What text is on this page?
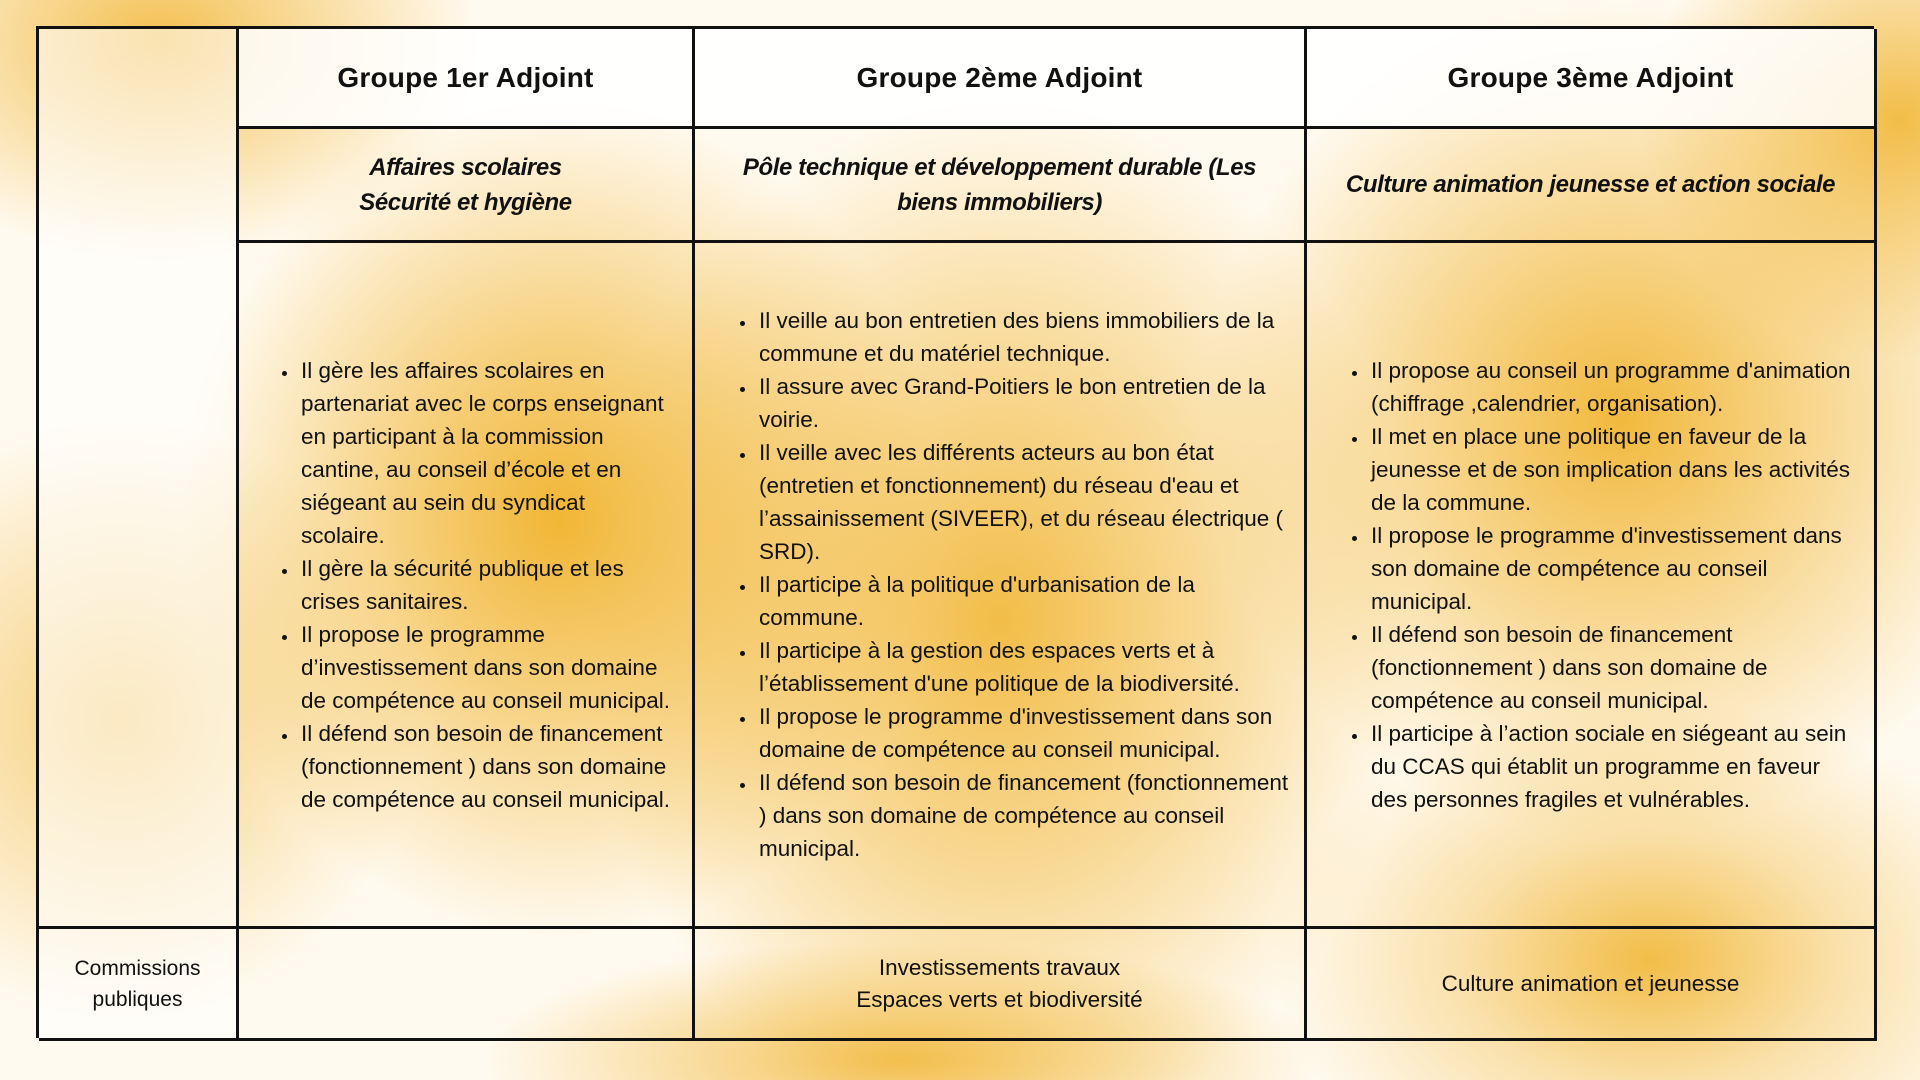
Groupe 1er Adjoint	Groupe 2ème Adjoint	Groupe 3ème Adjoint
Affaires scolaires
Sécurité et hygiène
Pôle technique et développement durable (Les biens immobiliers)
Culture animation jeunesse et action sociale
• Il gère les affaires scolaires en partenariat avec le corps enseignant en participant à la commission cantine, au conseil d’école et en siégeant au sein du syndicat scolaire.
• Il gère la sécurité publique et les crises sanitaires.
• Il propose le programme d’investissement dans son domaine de compétence au conseil municipal.
• Il défend son besoin de financement (fonctionnement ) dans son domaine de compétence au conseil municipal.
• Il veille au bon entretien des biens immobiliers de la commune et du matériel technique.
• Il assure avec Grand-Poitiers le bon entretien de la voirie.
• Il veille avec les différents acteurs au bon état (entretien et fonctionnement) du réseau d'eau et l’assainissement (SIVEER), et du réseau électrique ( SRD).
• Il participe à la politique d'urbanisation de la commune.
• Il participe à la gestion des espaces verts et à l’établissement d'une politique de la biodiversité.
• Il propose le programme d'investissement dans son domaine de compétence au conseil municipal.
• Il défend son besoin de financement (fonctionnement ) dans son domaine de compétence au conseil municipal.
• Il propose au conseil un programme d'animation (chiffrage ,calendrier, organisation).
• Il met en place une politique en faveur de la jeunesse et de son implication dans les activités de la commune.
• Il propose le programme d'investissement dans son domaine de compétence au conseil municipal.
• Il défend son besoin de financement (fonctionnement ) dans son domaine de compétence au conseil municipal.
• Il participe à l’action sociale en siégeant au sein du CCAS qui établit un programme en faveur des personnes fragiles et vulnérables.
Commissions
publiques
Investissements travaux
Espaces verts et biodiversité
Culture animation et jeunesse
